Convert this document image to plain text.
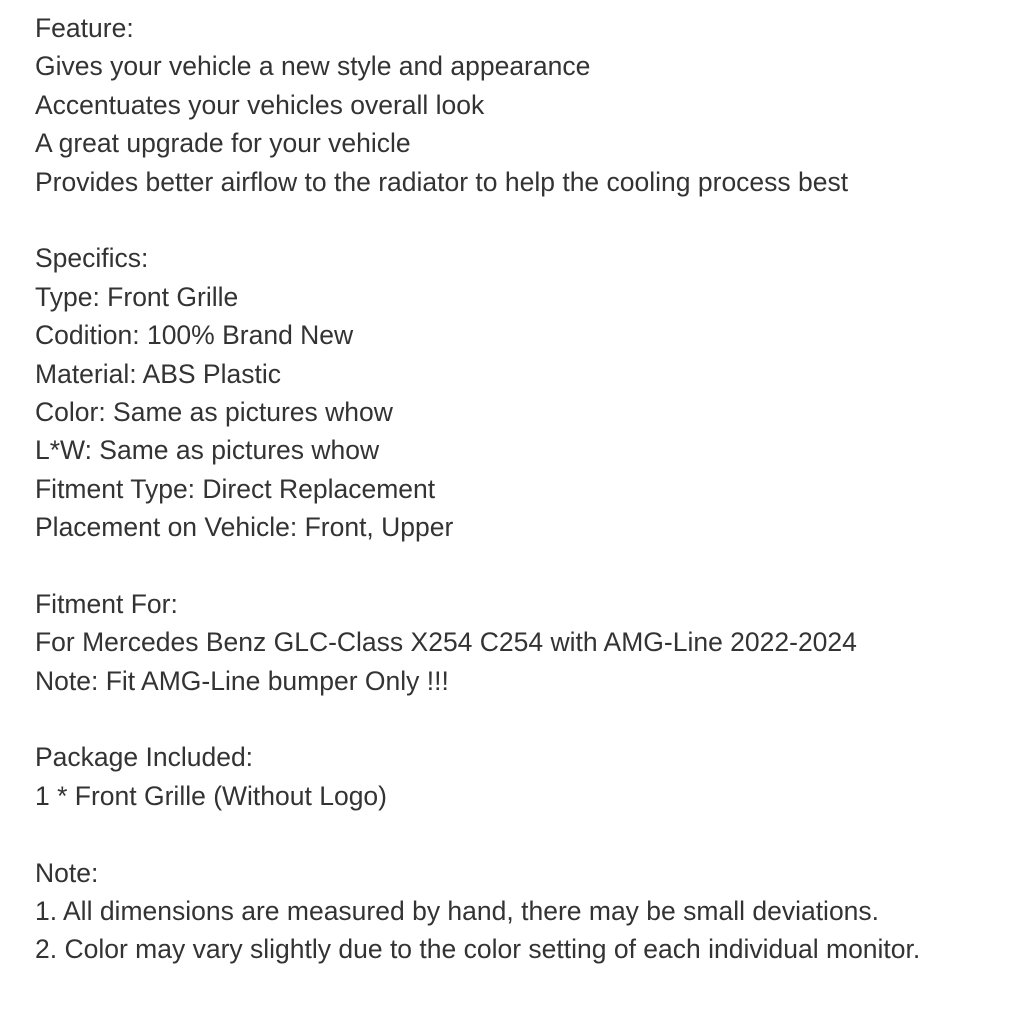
Feature:
Gives your vehicle a new style and appearance
Accentuates your vehicles overall look
A great upgrade for your vehicle
Provides better airflow to the radiator to help the cooling process best
Specifics:
Type: Front Grille
Codition: 100% Brand New
Material: ABS Plastic
Color: Same as pictures whow
L*W: Same as pictures whow
Fitment Type: Direct Replacement
Placement on Vehicle: Front, Upper
Fitment For:
For Mercedes Benz GLC-Class X254 C254 with AMG-Line 2022-2024
Note: Fit AMG-Line bumper Only !!!
Package Included:
1 * Front Grille (Without Logo)
Note:
1. All dimensions are measured by hand, there may be small deviations.
2. Color may vary slightly due to the color setting of each individual monitor.
